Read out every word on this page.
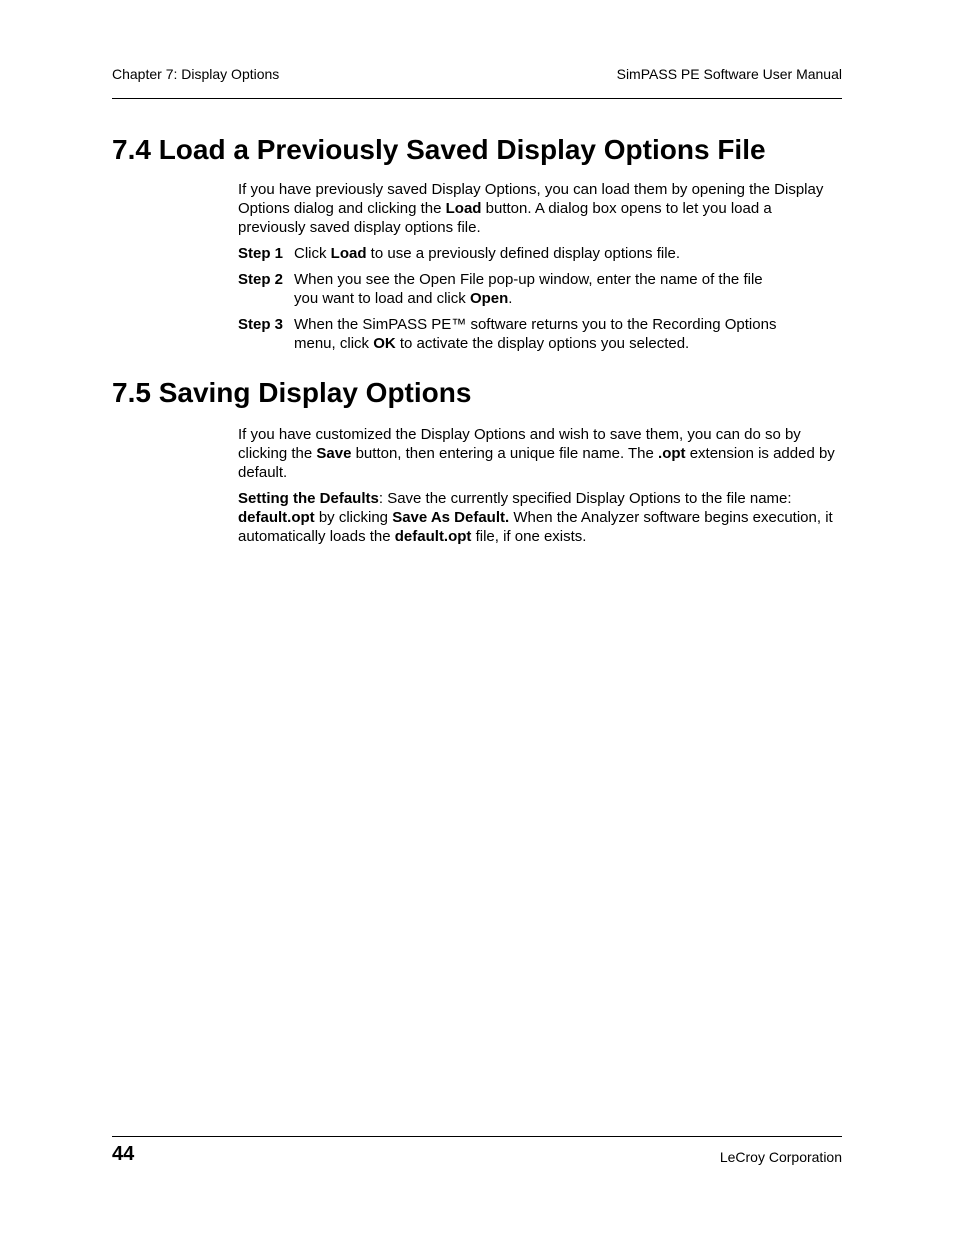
Chapter 7: Display Options	SimPASS PE Software User Manual
7.4 Load a Previously Saved Display Options File

If you have previously saved Display Options, you can load them by opening the Display Options dialog and clicking the Load button. A dialog box opens to let you load a previously saved display options file.

Step 1 Click Load to use a previously defined display options file.
Step 2 When you see the Open File pop-up window, enter the name of the file you want to load and click Open.
Step 3 When the SimPASS PE™ software returns you to the Recording Options menu, click OK to activate the display options you selected.
7.5 Saving Display Options

If you have customized the Display Options and wish to save them, you can do so by clicking the Save button, then entering a unique file name. The .opt extension is added by default.

Setting the Defaults: Save the currently specified Display Options to the file name: default.opt by clicking Save As Default. When the Analyzer software begins execution, it automatically loads the default.opt file, if one exists.

44	LeCroy Corporation
